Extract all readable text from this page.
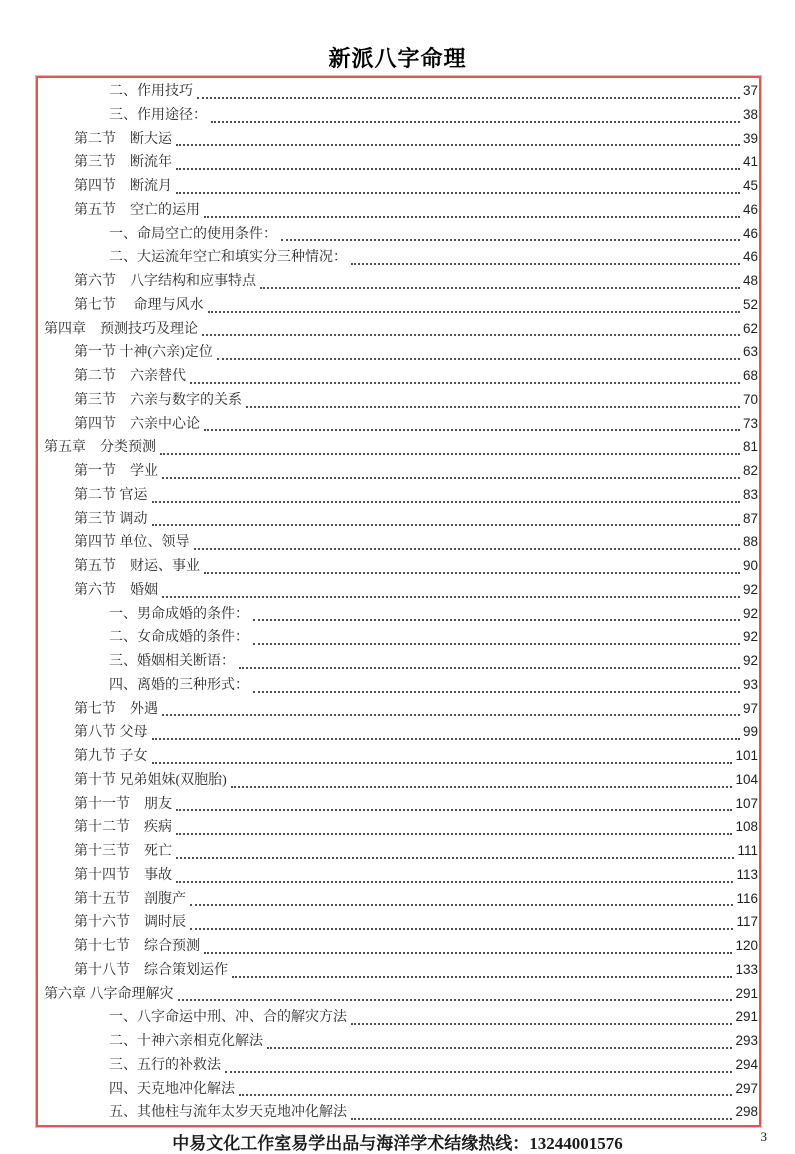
新派八字命理
二、作用技巧	37
三、作用途径：	38
第二节　断大运	39
第三节　断流年	41
第四节　断流月	45
第五节　空亡的运用	46
一、命局空亡的使用条件：	46
二、大运流年空亡和填实分三种情况：	46
第六节　八字结构和应事特点	48
第七节　 命理与风水	52
第四章　预测技巧及理论	62
第一节 十神(六亲)定位	63
第二节　六亲替代	68
第三节　六亲与数字的关系	70
第四节　六亲中心论	73
第五章　分类预测	81
第一节　学业	82
第二节 官运	83
第三节 调动	87
第四节 单位、领导	88
第五节　财运、事业	90
第六节　婚姻	92
一、男命成婚的条件：	92
二、女命成婚的条件：	92
三、婚姻相关断语：	92
四、离婚的三种形式：	93
第七节　外遇	97
第八节 父母	99
第九节 子女	101
第十节 兄弟姐妹(双胞胎)	104
第十一节　朋友	107
第十二节　疾病	108
第十三节　死亡	111
第十四节　事故	113
第十五节　剖腹产	116
第十六节　调时辰	117
第十七节　综合预测	120
第十八节　综合策划运作	133
第六章 八字命理解灾	291
一、八字命运中刑、冲、合的解灾方法	291
二、十神六亲相克化解法	293
三、五行的补救法	294
四、天克地冲化解法	297
五、其他柱与流年太岁天克地冲化解法	298
中易文化工作室易学出品与海洋学术结缘热线：13244001576	3
